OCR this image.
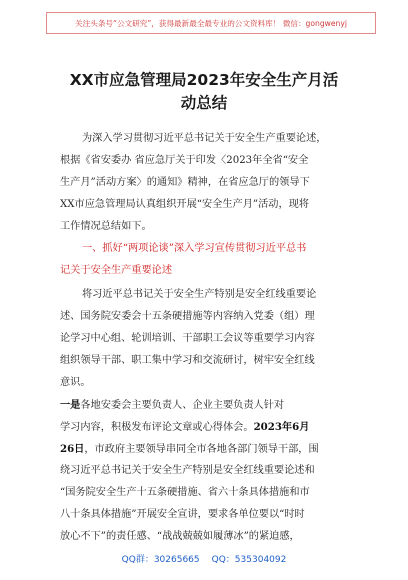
关注头条号“公文研究”，获得最新最全最专业的公文资料库！ 微信：gongwenyj
XX市应急管理局2023年安全生产月活
动总结
为深入学习贯彻习近平总书记关于安全生产重要论述，
根据《省安委办 省应急厅关于印发〈2023年全省“安全
生产月”活动方案〉的通知》精神，在省应急厅的领导下
XX市应急管理局认真组织开展“安全生产月”活动，现将
工作情况总结如下。
一、抓好“两项论谈”深入学习宣传贯彻习近平总书
记关于安全生产重要论述
将习近平总书记关于安全生产特别是安全红线重要论
述、国务院安委会十五条硬措施等内容纳入党委（组）理
论学习中心组、轮训培训、干部职工会议等重要学习内容
组织领导干部、职工集中学习和交流研讨，树牢安全红线
意识。
一是各地安委会主要负责人、企业主要负责人针对
学习内容，积极发布评论文章或心得体会。2023年6月
26日，市政府主要领导串同全市各地各部门领导干部，围
绕习近平总书记关于安全生产特别是安全红线重要论述和
“国务院安全生产十五条硬措施、省六十条具体措施和市
八十条具体措施”开展安全宣讲，要求各单位要以“时时
放心不下”的责任感、“战战兢兢如履薄冰”的紧迫感，
QQ群：30265665 QQ：535304092
